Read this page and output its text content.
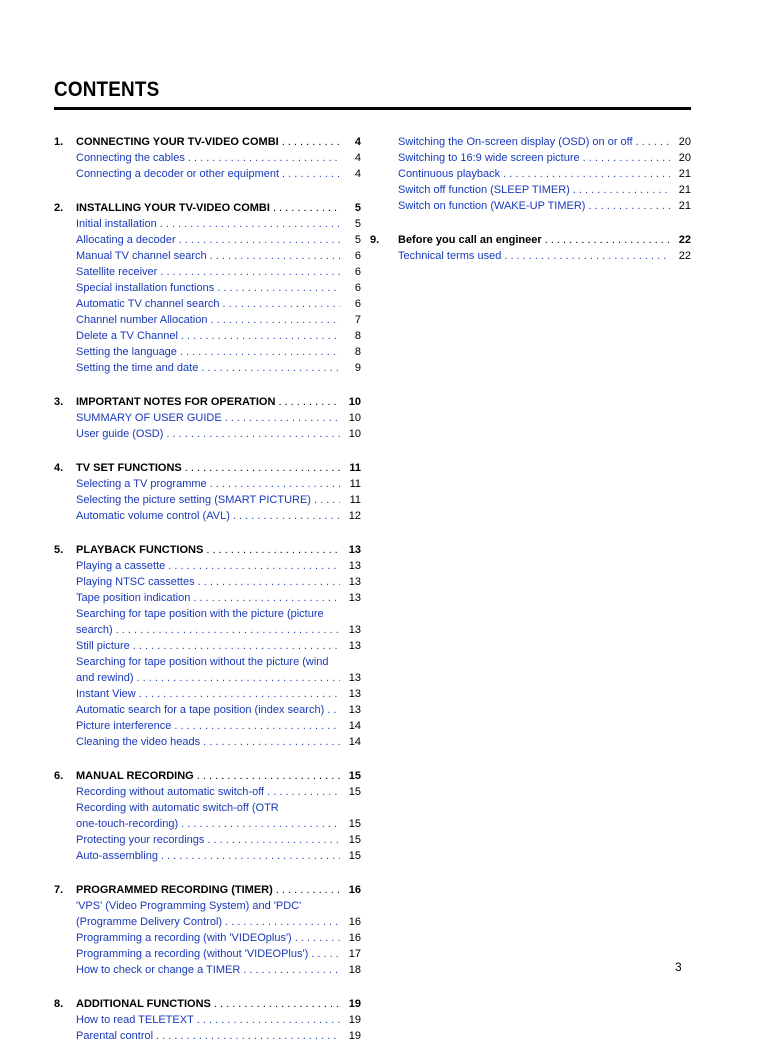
CONTENTS
1. CONNECTING YOUR TV-VIDEO COMBI . . .	4
Connecting the cables . . .	4
Connecting a decoder or other equipment . . .	4
2. INSTALLING YOUR TV-VIDEO COMBI . . .	5
Initial installation . . .	5
Allocating a decoder . . .	5
Manual TV channel search . . .	6
Satellite receiver . . .	6
Special installation functions . . .	6
Automatic TV channel search . . .	6
Channel number Allocation . . .	7
Delete a TV Channel . . .	8
Setting the language . . .	8
Setting the time and date . . .	9
3. IMPORTANT NOTES FOR OPERATION . . .	10
SUMMARY OF USER GUIDE . . .	10
User guide (OSD) . . .	10
4. TV SET FUNCTIONS . . .	11
Selecting a TV programme . . .	11
Selecting the picture setting (SMART PICTURE) . . .	11
Automatic volume control (AVL) . . .	12
5. PLAYBACK FUNCTIONS . . .	13
Playing a cassette . . .	13
Playing NTSC cassettes . . .	13
Tape position indication . . .	13
Searching for tape position with the picture (picture
search) . . .	13
Still picture . . .	13
Searching for tape position without the picture (wind
and rewind) . . .	13
Instant View . . .	13
Automatic search for a tape position (index search) . . . 13
Picture interference . . .	14
Cleaning the video heads . . .	14
6. MANUAL RECORDING . . .	15
Recording without automatic switch-off . . .	15
Recording with automatic switch-off (OTR
one-touch-recording) . . .	15
Protecting your recordings . . .	15
Auto-assembling . . .	15
7. PROGRAMMED RECORDING (TIMER) . . .	16
'VPS' (Video Programming System) and 'PDC'
(Programme Delivery Control) . . .	16
Programming a recording (with 'VIDEOplus') . . .	16
Programming a recording (without 'VIDEOPlus') . . .	17
How to check or change a TIMER . . .	18
8. ADDITIONAL FUNCTIONS . . .	19
How to read TELETEXT . . .	19
Parental control . . .	19
Switching the On-screen display (OSD) on or off . . .	20
Switching to 16:9 wide screen picture . . .	20
Continuous playback . . .	21
Switch off function (SLEEP TIMER) . . .	21
Switch on function (WAKE-UP TIMER) . . .	21
9. Before you call an engineer . . .	22
Technical terms used . . .	22
3
